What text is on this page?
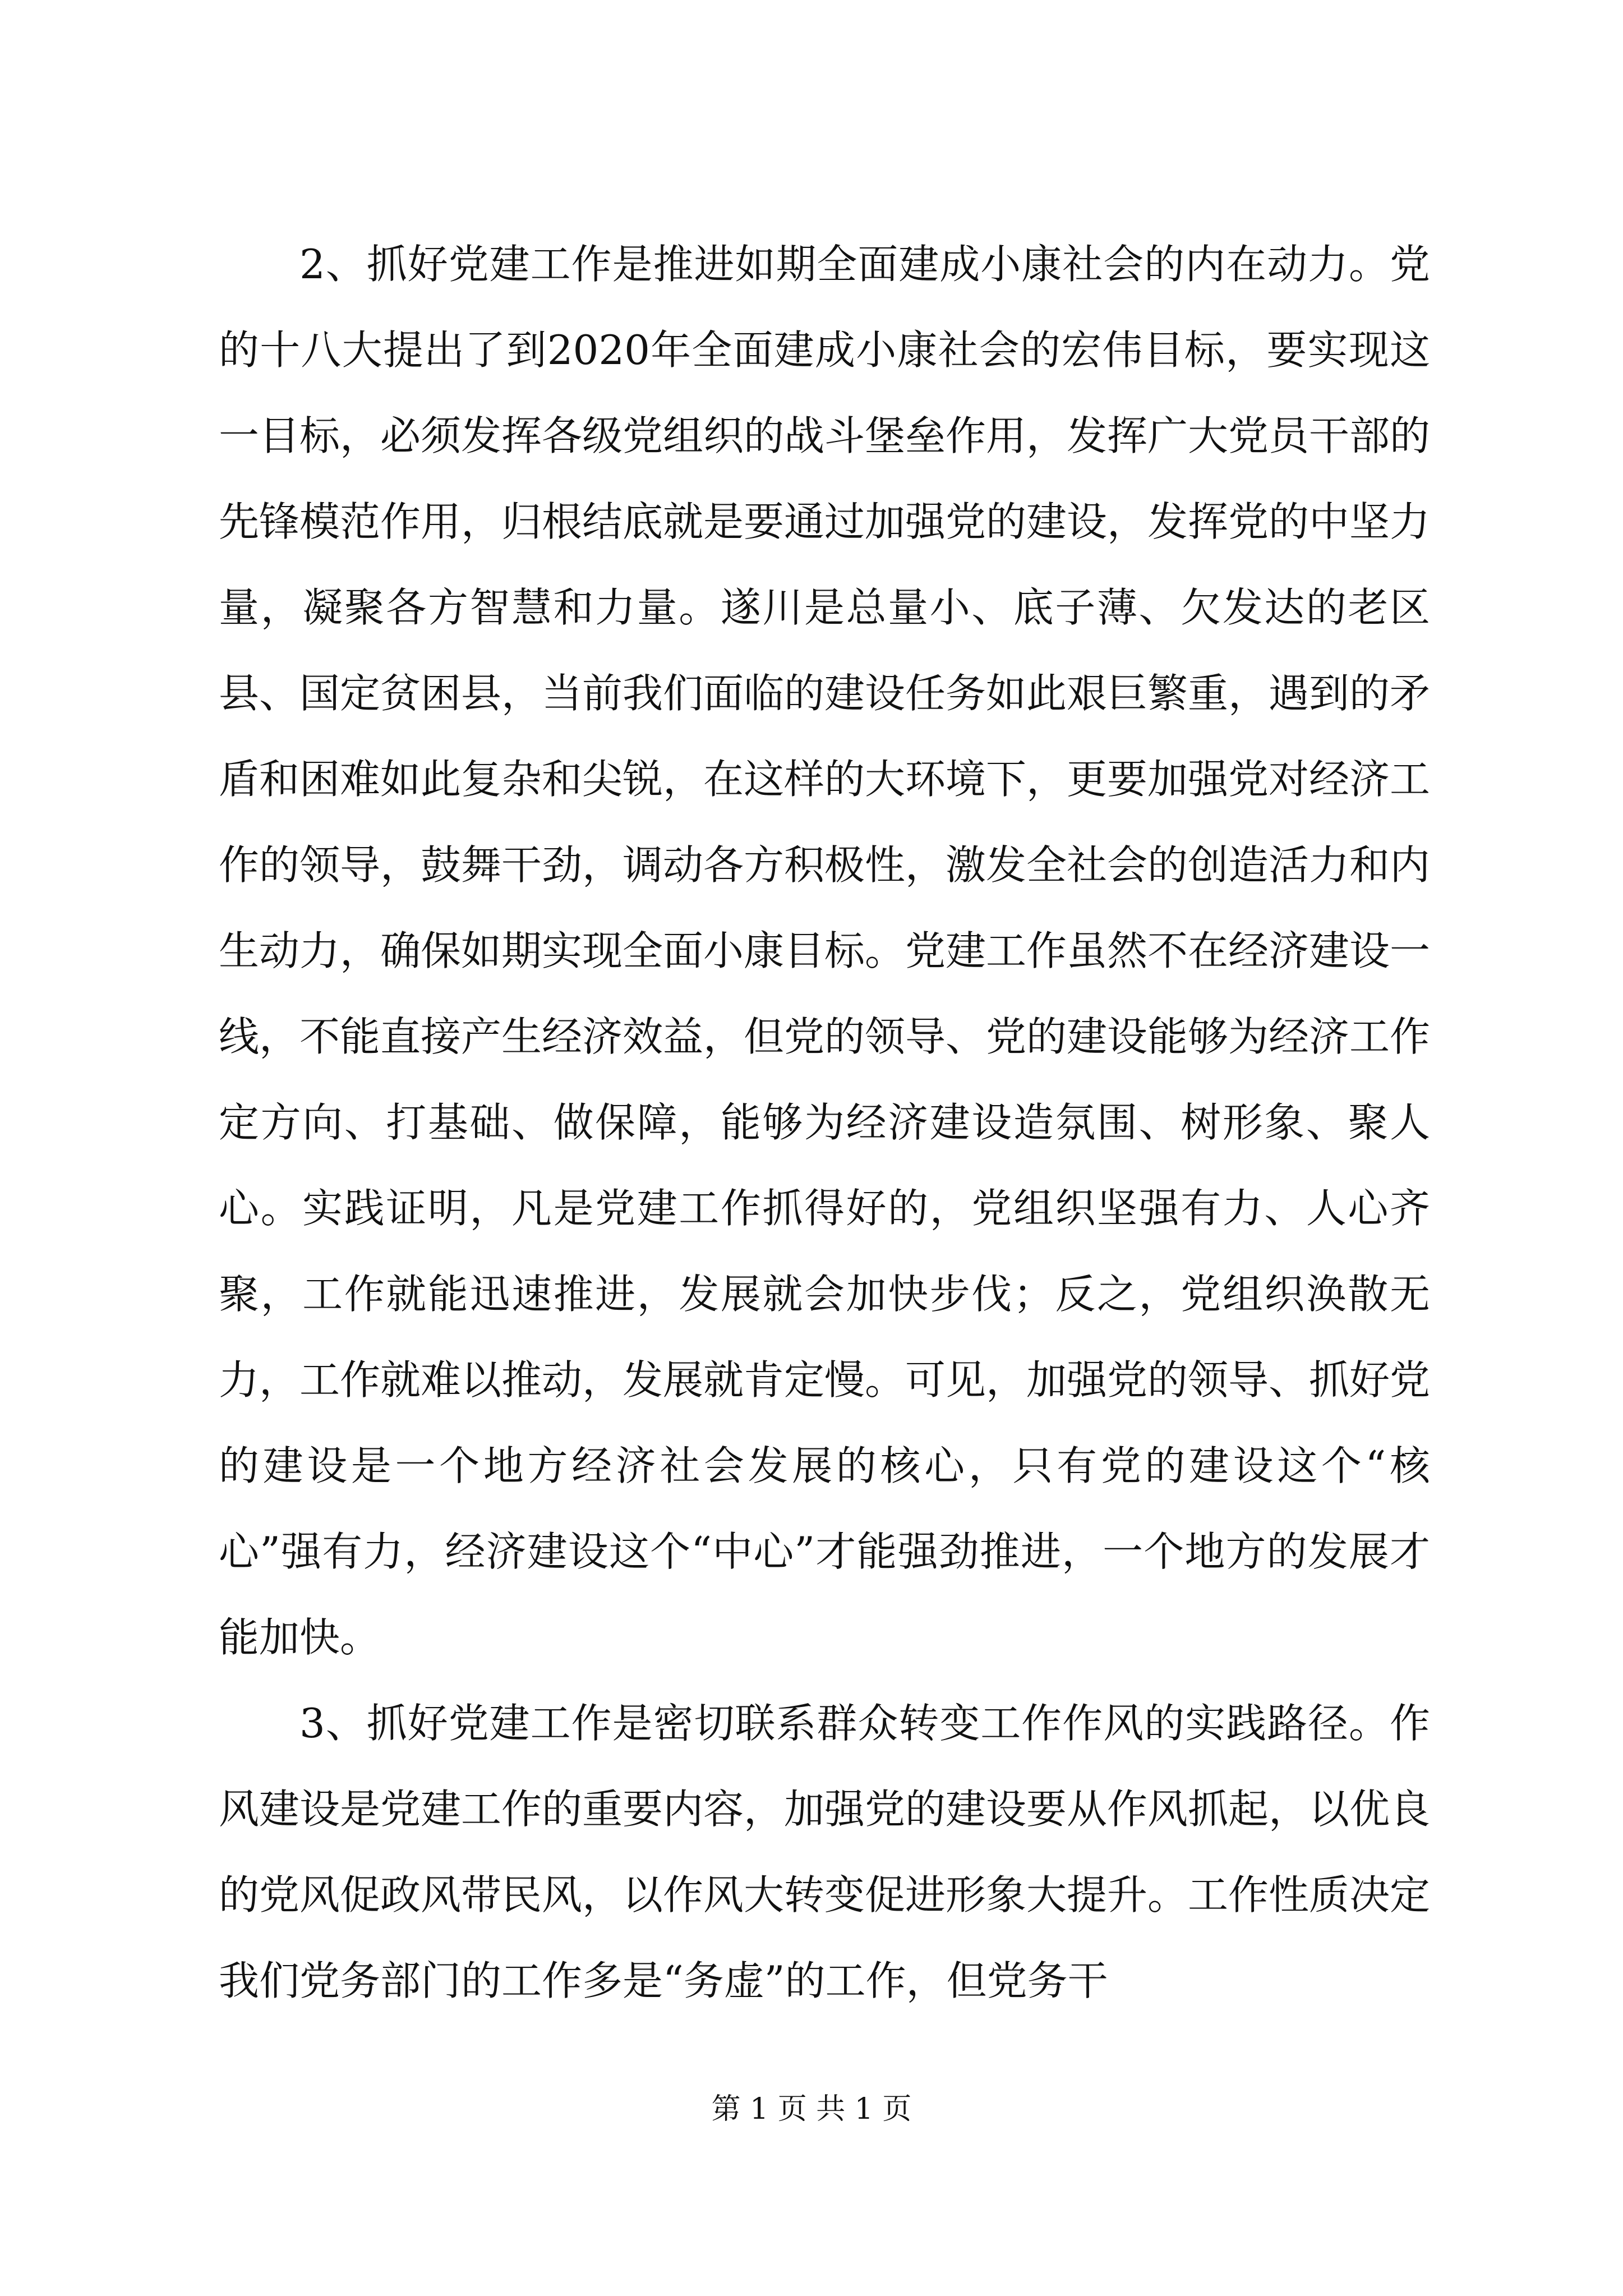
2、抓好党建工作是推进如期全面建成小康社会的内在动力。党的十八大提出了到2020年全面建成小康社会的宏伟目标，要实现这一目标，必须发挥各级党组织的战斗堡垒作用，发挥广大党员干部的先锋模范作用，归根结底就是要通过加强党的建设，发挥党的中坚力量，凝聚各方智慧和力量。遂川是总量小、底子薄、欠发达的老区县、国定贫困县，当前我们面临的建设任务如此艰巨繁重，遇到的矛盾和困难如此复杂和尖锐，在这样的大环境下，更要加强党对经济工作的领导，鼓舞干劲，调动各方积极性，激发全社会的创造活力和内生动力，确保如期实现全面小康目标。党建工作虽然不在经济建设一线，不能直接产生经济效益，但党的领导、党的建设能够为经济工作定方向、打基础、做保障，能够为经济建设造氛围、树形象、聚人心。实践证明，凡是党建工作抓得好的，党组织坚强有力、人心齐聚，工作就能迅速推进，发展就会加快步伐；反之，党组织涣散无力，工作就难以推动，发展就肯定慢。可见，加强党的领导、抓好党的建设是一个地方经济社会发展的核心，只有党的建设这个“核心”强有力，经济建设这个“中心”才能强劲推进，一个地方的发展才能加快。

3、抓好党建工作是密切联系群众转变工作作风的实践路径。作风建设是党建工作的重要内容，加强党的建设要从作风抓起，以优良的党风促政风带民风，以作风大转变促进形象大提升。工作性质决定我们党务部门的工作多是“务虚”的工作，但党务干

第 1 页 共 1 页
